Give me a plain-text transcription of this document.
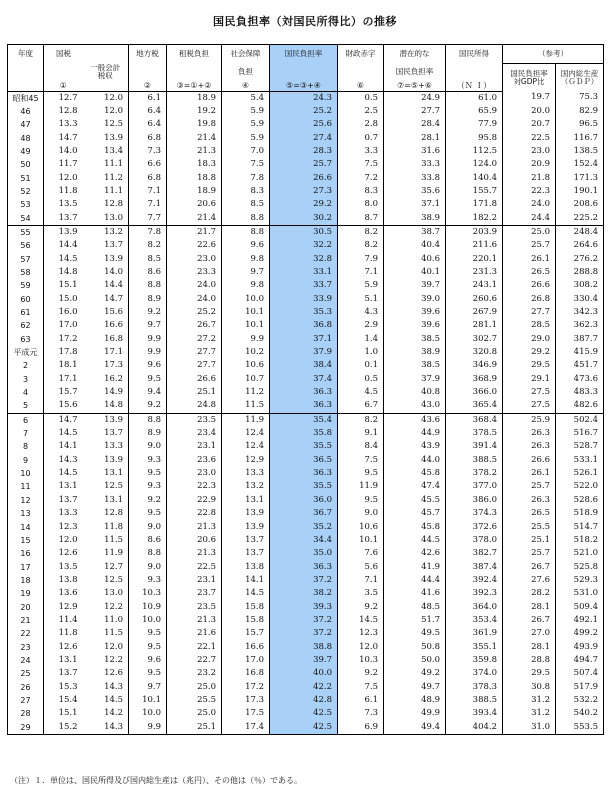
国民負担率（対国民所得比）の推移
年度	国税		地方税	租税負担	社会保障	国民負担率	財政赤字	潜在的な	国民所得	（参考）	
		一般会計
税収			負担			国民負担率		国民負担率
対GDP比	国内総生産
（ＧＤＰ）
	①		②	③=①+②	④	⑤=③+④	⑥	⑦=⑤+⑥	（Ｎ Ｉ）		
昭和45	12.7	12.0	6.1	18.9	5.4	24.3	0.5	24.9	61.0	19.7	75.3
46	12.8	12.0	6.4	19.2	5.9	25.2	2.5	27.7	65.9	20.0	82.9
47	13.3	12.5	6.4	19.8	5.9	25.6	2.8	28.4	77.9	20.7	96.5
48	14.7	13.9	6.8	21.4	5.9	27.4	0.7	28.1	95.8	22.5	116.7
49	14.0	13.4	7.3	21.3	7.0	28.3	3.3	31.6	112.5	23.0	138.5
50	11.7	11.1	6.6	18.3	7.5	25.7	7.5	33.3	124.0	20.9	152.4
51	12.0	11.2	6.8	18.8	7.8	26.6	7.2	33.8	140.4	21.8	171.3
52	11.8	11.1	7.1	18.9	8.3	27.3	8.3	35.6	155.7	22.3	190.1
53	13.5	12.8	7.1	20.6	8.5	29.2	8.0	37.1	171.8	24.0	208.6
54	13.7	13.0	7.7	21.4	8.8	30.2	8.7	38.9	182.2	24.4	225.2
55	13.9	13.2	7.8	21.7	8.8	30.5	8.2	38.7	203.9	25.0	248.4
56	14.4	13.7	8.2	22.6	9.6	32.2	8.2	40.4	211.6	25.7	264.6
57	14.5	13.9	8.5	23.0	9.8	32.8	7.9	40.6	220.1	26.1	276.2
58	14.8	14.0	8.6	23.3	9.7	33.1	7.1	40.1	231.3	26.5	288.8
59	15.1	14.4	8.8	24.0	9.8	33.7	5.9	39.7	243.1	26.6	308.2
60	15.0	14.7	8.9	24.0	10.0	33.9	5.1	39.0	260.6	26.8	330.4
61	16.0	15.6	9.2	25.2	10.1	35.3	4.3	39.6	267.9	27.7	342.3
62	17.0	16.6	9.7	26.7	10.1	36.8	2.9	39.6	281.1	28.5	362.3
63	17.2	16.8	9.9	27.2	9.9	37.1	1.4	38.5	302.7	29.0	387.7
平成元	17.8	17.1	9.9	27.7	10.2	37.9	1.0	38.9	320.8	29.2	415.9
2	18.1	17.3	9.6	27.7	10.6	38.4	0.1	38.5	346.9	29.5	451.7
3	17.1	16.2	9.5	26.6	10.7	37.4	0.5	37.9	368.9	29.1	473.6
4	15.7	14.9	9.4	25.1	11.2	36.3	4.5	40.8	366.0	27.5	483.3
5	15.6	14.8	9.2	24.8	11.5	36.3	6.7	43.0	365.4	27.5	482.6
6	14.7	13.9	8.8	23.5	11.9	35.4	8.2	43.6	368.4	25.9	502.4
7	14.5	13.7	8.9	23.4	12.4	35.8	9.1	44.9	378.5	26.3	516.7
8	14.1	13.3	9.0	23.1	12.4	35.5	8.4	43.9	391.4	26.3	528.7
9	14.3	13.9	9.3	23.6	12.9	36.5	7.5	44.0	388.5	26.6	533.1
10	14.5	13.1	9.5	23.0	13.3	36.3	9.5	45.8	378.2	26.1	526.1
11	13.1	12.5	9.3	22.3	13.2	35.5	11.9	47.4	377.0	25.7	522.0
12	13.7	13.1	9.2	22.9	13.1	36.0	9.5	45.5	386.0	26.3	528.6
13	13.3	12.8	9.5	22.8	13.9	36.7	9.0	45.7	374.3	26.5	518.9
14	12.3	11.8	9.0	21.3	13.9	35.2	10.6	45.8	372.6	25.5	514.7
15	12.0	11.5	8.6	20.6	13.7	34.4	10.1	44.5	378.0	25.1	518.2
16	12.6	11.9	8.8	21.3	13.7	35.0	7.6	42.6	382.7	25.7	521.0
17	13.5	12.7	9.0	22.5	13.8	36.3	5.6	41.9	387.4	26.7	525.8
18	13.8	12.5	9.3	23.1	14.1	37.2	7.1	44.4	392.4	27.6	529.3
19	13.6	13.0	10.3	23.7	14.5	38.2	3.5	41.6	392.3	28.2	531.0
20	12.9	12.2	10.9	23.5	15.8	39.3	9.2	48.5	364.0	28.1	509.4
21	11.4	11.0	10.0	21.3	15.8	37.2	14.5	51.7	353.4	26.7	492.1
22	11.8	11.5	9.5	21.6	15.7	37.2	12.3	49.5	361.9	27.0	499.2
23	12.6	12.0	9.5	22.1	16.6	38.8	12.0	50.8	355.1	28.1	493.9
24	13.1	12.2	9.6	22.7	17.0	39.7	10.3	50.0	359.8	28.8	494.7
25	13.7	12.6	9.5	23.2	16.8	40.0	9.2	49.2	374.0	29.5	507.4
26	15.3	14.3	9.7	25.0	17.2	42.2	7.5	49.7	378.3	30.8	517.9
27	15.4	14.5	10.1	25.5	17.3	42.8	6.1	48.9	388.5	31.2	532.2
28	15.1	14.2	10.0	25.0	17.5	42.5	7.3	49.9	393.4	31.2	540.2
29	15.2	14.3	9.9	25.1	17.4	42.5	6.9	49.4	404.2	31.0	553.5
（注）１．単位は、国民所得及び国内総生産は（兆円）、その他は（％）である。
